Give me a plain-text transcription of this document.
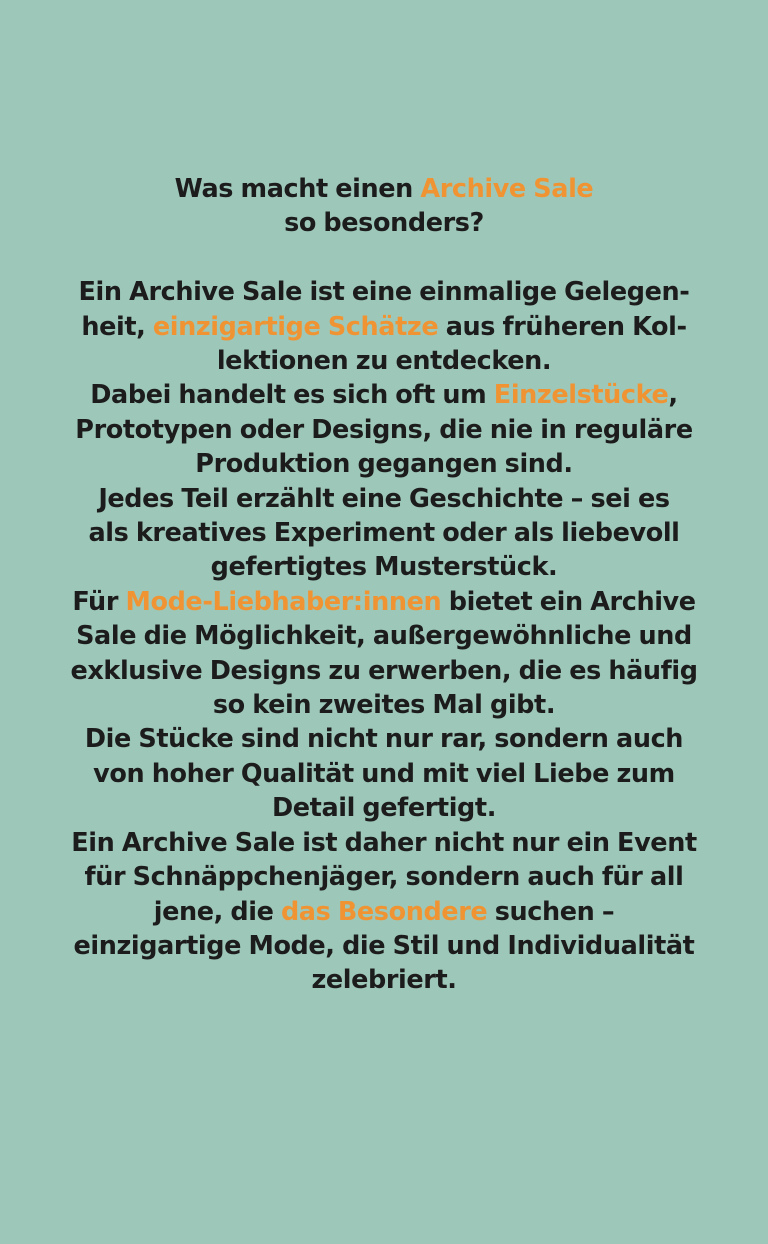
Was macht einen Archive Sale
so besonders?
Ein Archive Sale ist eine einmalige Gelegen-
heit, einzigartige Schätze aus früheren Kol-
lektionen zu entdecken.
Dabei handelt es sich oft um Einzelstücke,
Prototypen oder Designs, die nie in reguläre
Produktion gegangen sind.
Jedes Teil erzählt eine Geschichte – sei es
als kreatives Experiment oder als liebevoll
gefertigtes Musterstück.
Für Mode-Liebhaber:innen bietet ein Archive
Sale die Möglichkeit, außergewöhnliche und
exklusive Designs zu erwerben, die es häufig
so kein zweites Mal gibt.
Die Stücke sind nicht nur rar, sondern auch
von hoher Qualität und mit viel Liebe zum
Detail gefertigt.
Ein Archive Sale ist daher nicht nur ein Event
für Schnäppchenjäger, sondern auch für all
jene, die das Besondere suchen –
einzigartige Mode, die Stil und Individualität
zelebriert.
